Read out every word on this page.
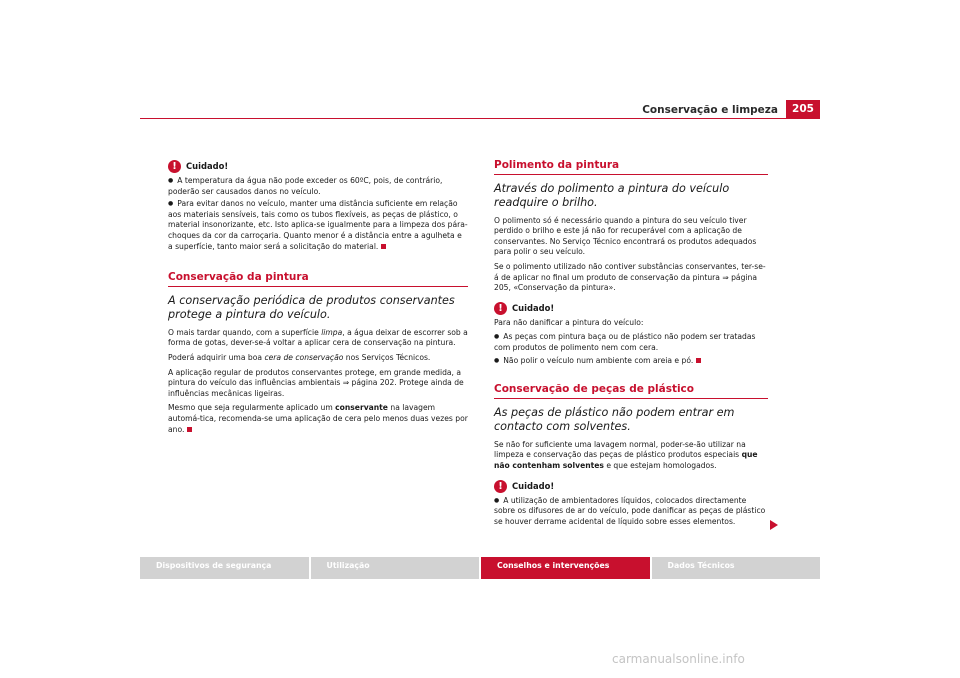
Conservação e limpeza	205
!	Cuidado!
● A temperatura da água não pode exceder os 60ºC, pois, de contrário, poderão ser causados danos no veículo.
● Para evitar danos no veículo, manter uma distância suficiente em relação aos materiais sensíveis, tais como os tubos flexíveis, as peças de plástico, o material insonorizante, etc. Isto aplica-se igualmente para a limpeza dos pára-choques da cor da carroçaria. Quanto menor é a distância entre a agulheta e a superfície, tanto maior será a solicitação do material.
Conservação da pintura
A conservação periódica de produtos conservantes protege a pintura do veículo.

O mais tardar quando, com a superfície limpa, a água deixar de escorrer sob a forma de gotas, dever-se-á voltar a aplicar cera de conservação na pintura.

Poderá adquirir uma boa cera de conservação nos Serviços Técnicos.

A aplicação regular de produtos conservantes protege, em grande medida, a pintura do veículo das influências ambientais ⇒ página 202. Protege ainda de influências mecânicas ligeiras.

Mesmo que seja regularmente aplicado um conservante na lavagem automá-tica, recomenda-se uma aplicação de cera pelo menos duas vezes por ano.

Polimento da pintura
Através do polimento a pintura do veículo readquire o brilho.

O polimento só é necessário quando a pintura do seu veículo tiver perdido o brilho e este já não for recuperável com a aplicação de conservantes. No Serviço Técnico encontrará os produtos adequados para polir o seu veículo.

Se o polimento utilizado não contiver substâncias conservantes, ter-se-á de aplicar no final um produto de conservação da pintura ⇒ página 205, «Conservação da pintura».

!	Cuidado!

Para não danificar a pintura do veículo:

● As peças com pintura baça ou de plástico não podem ser tratadas com produtos de polimento nem com cera.
● Não polir o veículo num ambiente com areia e pó.
Conservação de peças de plástico
As peças de plástico não podem entrar em contacto com solventes.

Se não for suficiente uma lavagem normal, poder-se-ão utilizar na limpeza e conservação das peças de plástico produtos especiais que não contenham solventes e que estejam homologados.

!	Cuidado!
● A utilização de ambientadores líquidos, colocados directamente sobre os difusores de ar do veículo, pode danificar as peças de plástico se houver derrame acidental de líquido sobre esses elementos.
Dispositivos de segurança	Utilização	Conselhos e intervenções	Dados Técnicos
carmanualsonline.info
